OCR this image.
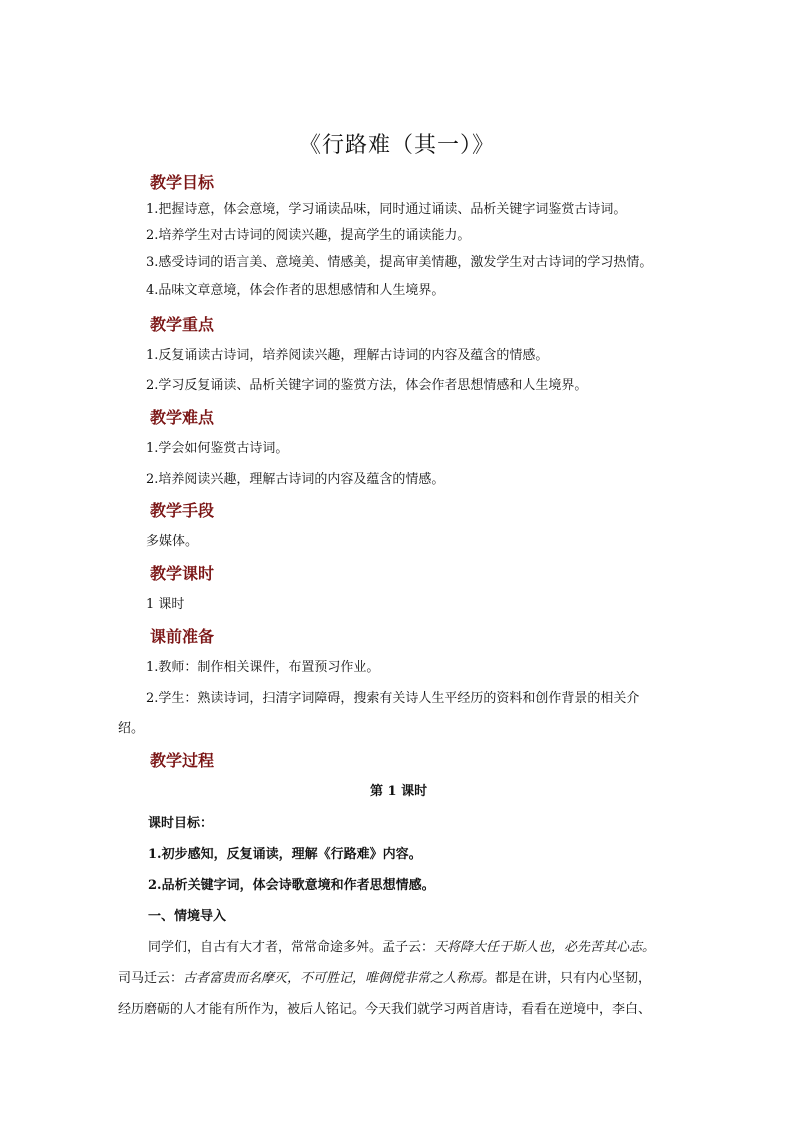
《行路难（其一）》
教学目标
1.把握诗意，体会意境，学习诵读品味，同时通过诵读、品析关键字词鉴赏古诗词。
2.培养学生对古诗词的阅读兴趣，提高学生的诵读能力。
3.感受诗词的语言美、意境美、情感美，提高审美情趣，激发学生对古诗词的学习热情。
4.品味文章意境，体会作者的思想感情和人生境界。
教学重点
1.反复诵读古诗词，培养阅读兴趣，理解古诗词的内容及蕴含的情感。
2.学习反复诵读、品析关键字词的鉴赏方法，体会作者思想情感和人生境界。
教学难点
1.学会如何鉴赏古诗词。
2.培养阅读兴趣，理解古诗词的内容及蕴含的情感。
教学手段
多媒体。
教学课时
1 课时
课前准备
1.教师：制作相关课件，布置预习作业。
2.学生：熟读诗词，扫清字词障碍，搜索有关诗人生平经历的资料和创作背景的相关介
绍。
教学过程
第 1 课时
课时目标：
1.初步感知，反复诵读，理解《行路难》内容。
2.品析关键字词，体会诗歌意境和作者思想情感。
一、情境导入
同学们，自古有大才者，常常命途多舛。孟子云：天将降大任于斯人也，必先苦其心志。
司马迁云：古者富贵而名摩灭，不可胜记，唯倜傥非常之人称焉。都是在讲，只有内心坚韧，
经历磨砺的人才能有所作为，被后人铭记。今天我们就学习两首唐诗，看看在逆境中，李白、
